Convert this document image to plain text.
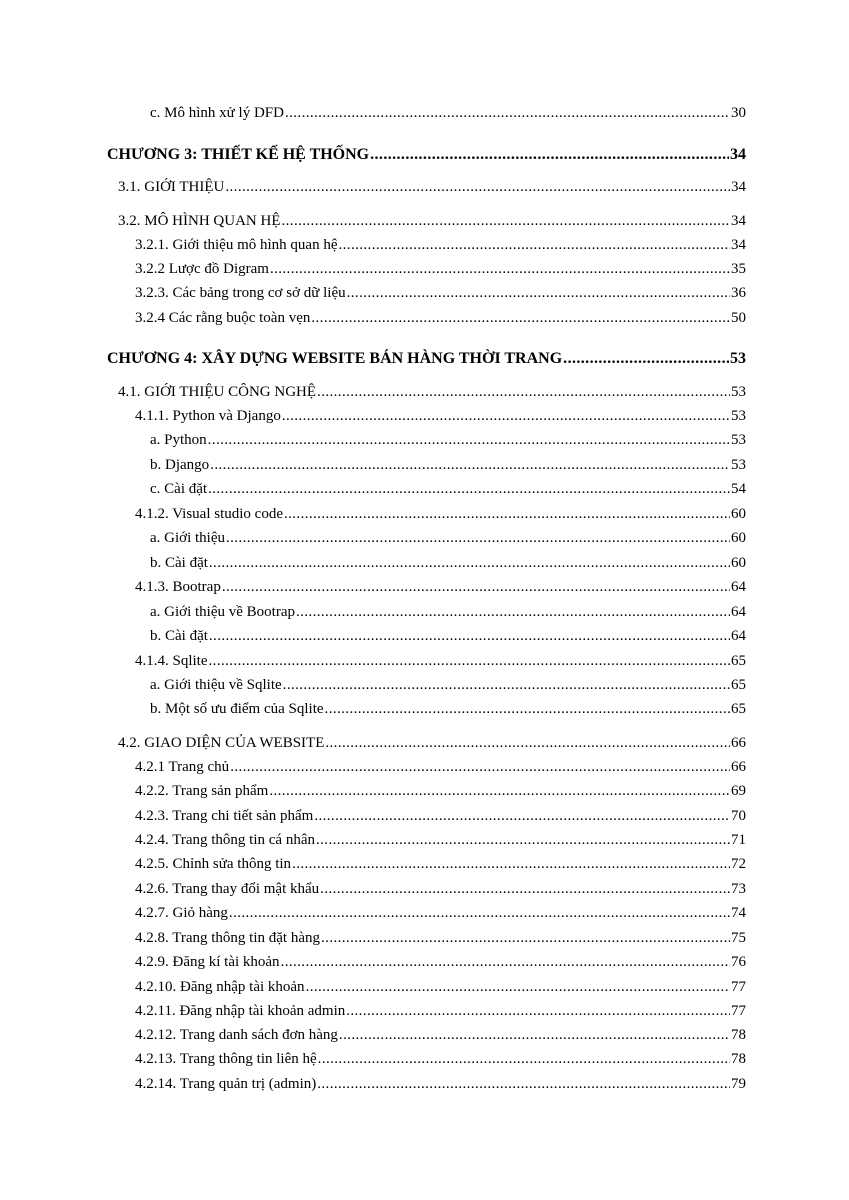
c. Mô hình xử lý DFD .....	30
CHƯƠNG 3: THIẾT KẾ HỆ THỐNG .....	34
3.1. GIỚI THIỆU .....	34
3.2. MÔ HÌNH QUAN HỆ .....	34
3.2.1. Giới thiệu mô hình quan hệ .....	34
3.2.2 Lược đồ Digram .....	35
3.2.3. Các bảng trong cơ sở dữ liệu .....	36
3.2.4 Các rằng buộc toàn vẹn .....	50
CHƯƠNG 4: XÂY DỰNG WEBSITE BÁN HÀNG THỜI TRANG .....	53
4.1. GIỚI THIỆU CÔNG NGHỆ .....	53
4.1.1. Python và Django .....	53
a. Python .....	53
b. Django .....	53
c. Cài đặt .....	54
4.1.2. Visual studio code .....	60
a. Giới thiệu .....	60
b. Cài đặt .....	60
4.1.3. Bootrap .....	64
a. Giới thiệu về Bootrap .....	64
b. Cài đặt .....	64
4.1.4. Sqlite .....	65
a. Giới thiệu về Sqlite .....	65
b. Một số ưu điểm của Sqlite .....	65
4.2. GIAO DIỆN CỦA WEBSITE .....	66
4.2.1 Trang chủ .....	66
4.2.2. Trang sản phẩm .....	69
4.2.3. Trang chi tiết sản phẩm .....	70
4.2.4. Trang thông tin cá nhân .....	71
4.2.5. Chỉnh sửa thông tin .....	72
4.2.6. Trang thay đổi mật khẩu .....	73
4.2.7. Giỏ hàng .....	74
4.2.8. Trang thông tin đặt hàng .....	75
4.2.9. Đăng kí tài khoản .....	76
4.2.10. Đăng nhập tài khoản .....	77
4.2.11. Đăng nhập tài khoản admin .....	77
4.2.12. Trang danh sách đơn hàng .....	78
4.2.13. Trang thông tin liên hệ .....	78
4.2.14. Trang quản trị (admin) .....	79
